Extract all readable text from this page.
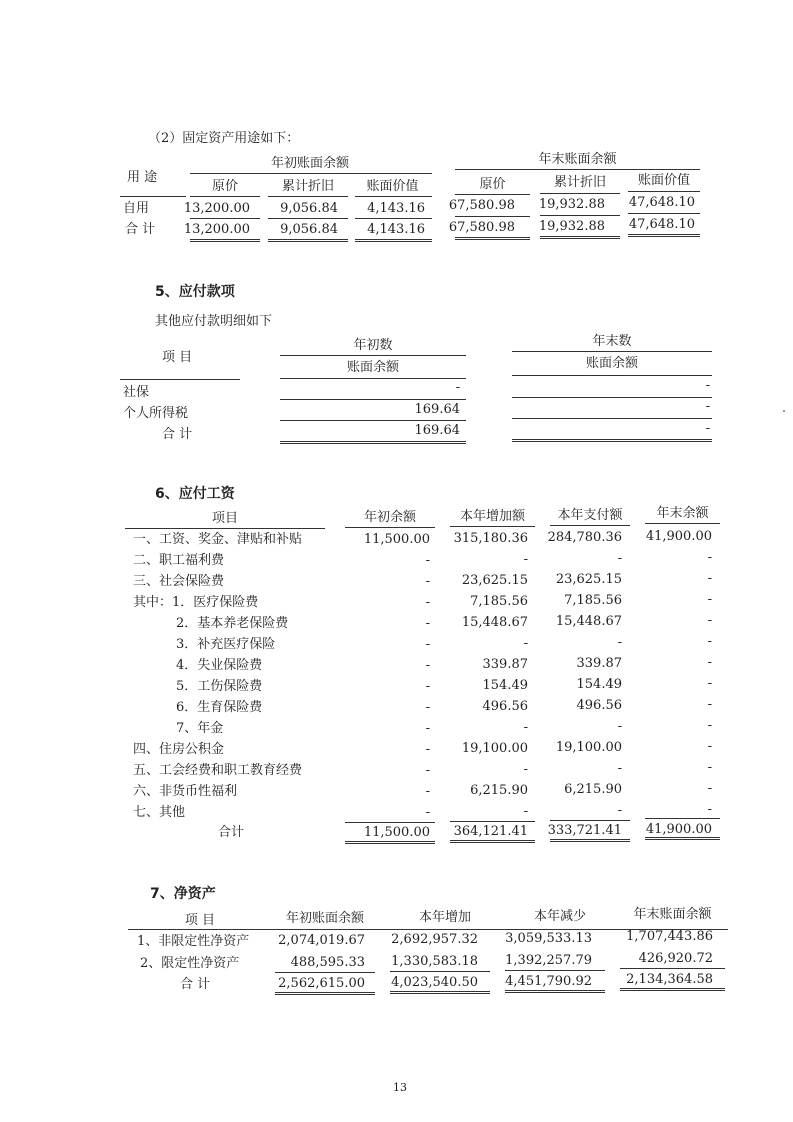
（2）固定资产用途如下：
用 途
年初账面余额	年末账面余额
原价	累计折旧	账面价值	原价	累计折旧	账面价值
自用	13,200.00	9,056.84	4,143.16	67,580.98	19,932.88	47,648.10
合 计 13,200.00	9,056.84	4,143.16	67,580.98	19,932.88	47,648.10
5、应付款项
其他应付款明细如下
项 目
年初数	年末数
账面余额	账面余额
社保	-	-
个人所得税	169.64	-
合 计	169.64	-
6、应付工资
项目	年初余额	本年增加额	本年支付额	年末余额
一、工资、奖金、津贴和补贴	11,500.00	315,180.36	284,780.36	41,900.00
二、职工福利费	-	-	-	-
三、社会保险费	-	23,625.15	23,625.15	-
其中：1．医疗保险费	-	7,185.56	7,185.56	-
2．基本养老保险费	-	15,448.67	15,448.67	-
3．补充医疗保险	-	-	-	-
4．失业保险费	-	339.87	339.87	-
5．工伤保险费	-	154.49	154.49	-
6．生育保险费	-	496.56	496.56	-
7、年金	-	-	-	-
四、住房公积金	-	19,100.00	19,100.00	-
五、工会经费和职工教育经费	-	-	-	-
六、非货币性福利	-	6,215.90	6,215.90	-
七、其他	-	-	-	-
合计	11,500.00	364,121.41	333,721.41	41,900.00
7、净资产
项 目	年初账面余额	本年增加	本年减少	年末账面余额
1、非限定性净资产	2,074,019.67	2,692,957.32	3,059,533.13	1,707,443.86
2、限定性净资产	488,595.33	1,330,583.18	1,392,257.79	426,920.72
合 计	2,562,615.00	4,023,540.50	4,451,790.92	2,134,364.58
13
